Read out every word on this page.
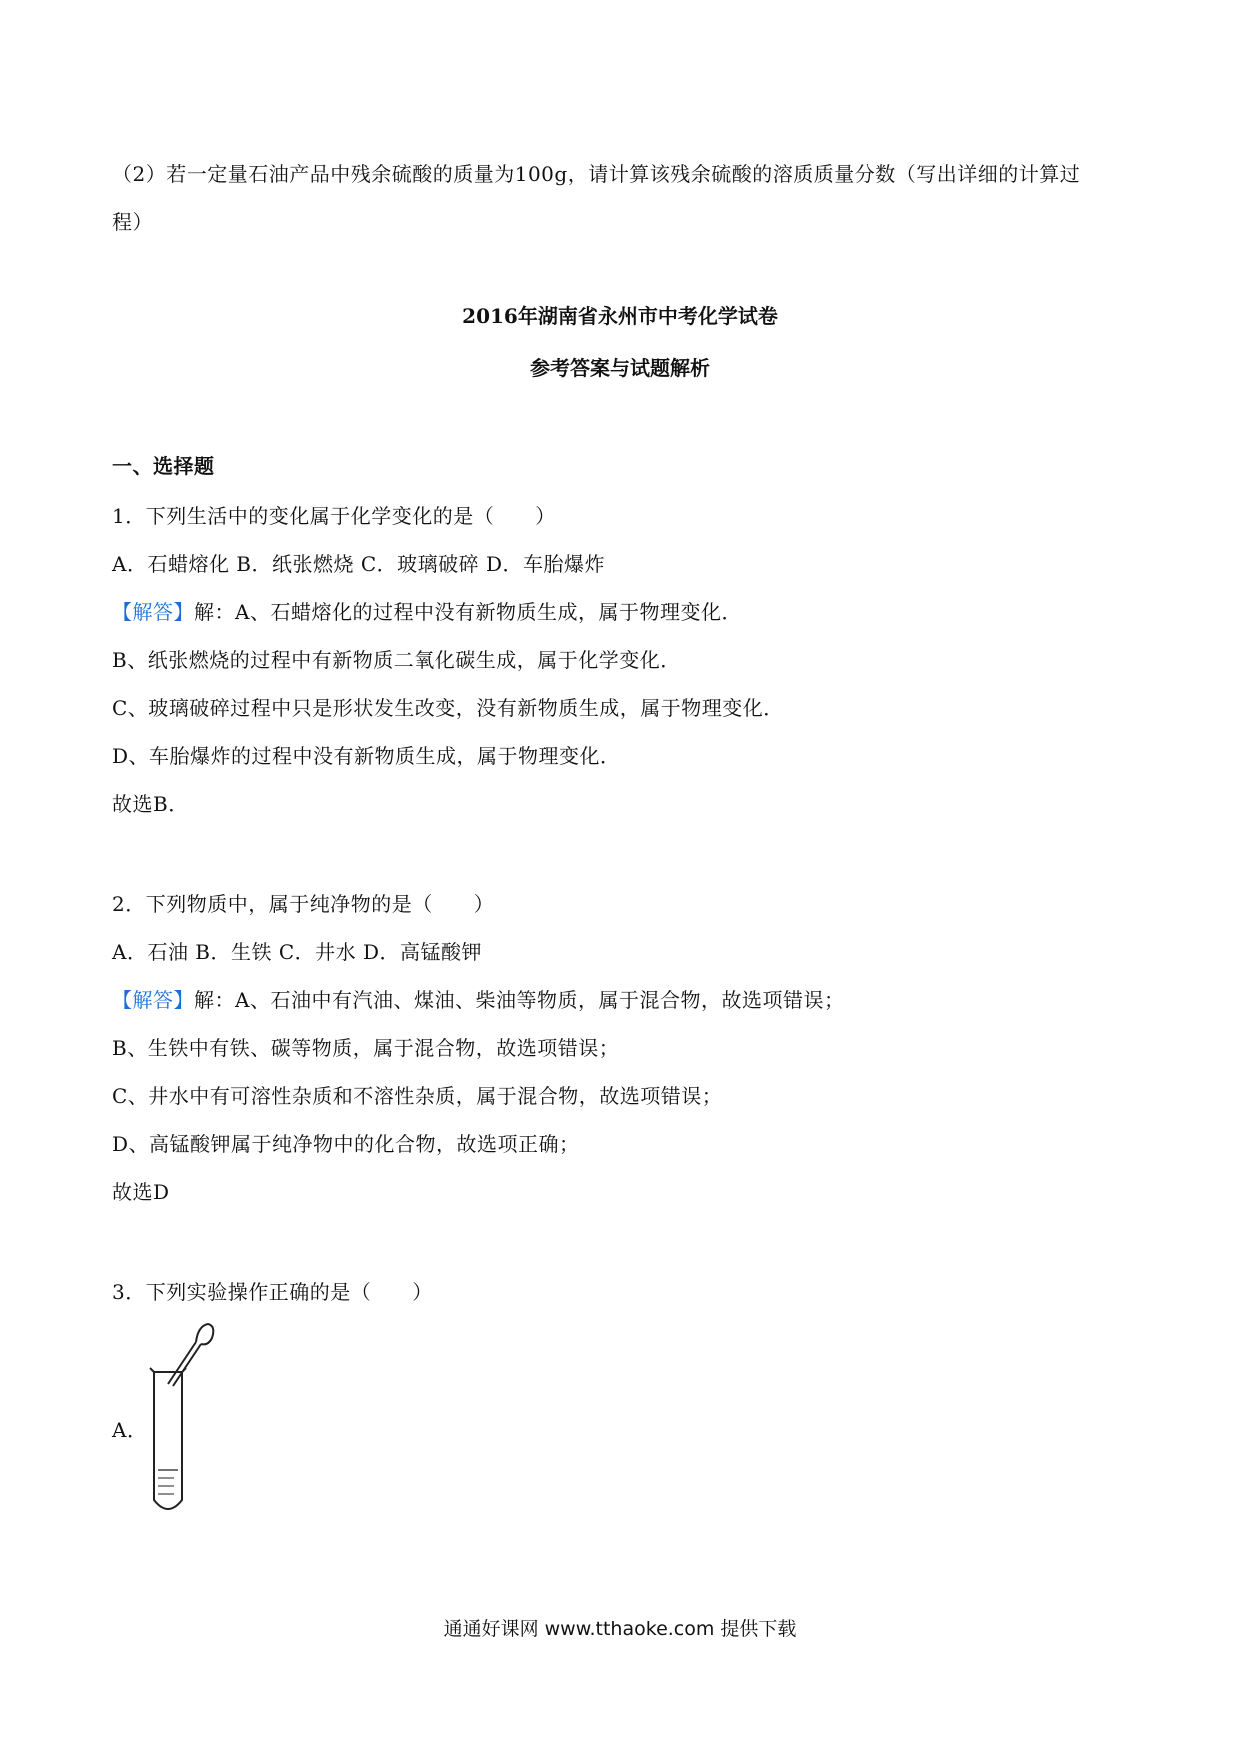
（2）若一定量石油产品中残余硫酸的质量为100g，请计算该残余硫酸的溶质质量分数（写出详细的计算过
程）
2016年湖南省永州市中考化学试卷
参考答案与试题解析
一、选择题
1．下列生活中的变化属于化学变化的是（　　）
A．石蜡熔化 B．纸张燃烧 C．玻璃破碎 D．车胎爆炸
【解答】解：A、石蜡熔化的过程中没有新物质生成，属于物理变化．
B、纸张燃烧的过程中有新物质二氧化碳生成，属于化学变化．
C、玻璃破碎过程中只是形状发生改变，没有新物质生成，属于物理变化．
D、车胎爆炸的过程中没有新物质生成，属于物理变化．
故选B．
2．下列物质中，属于纯净物的是（　　）
A．石油 B．生铁 C．井水 D．高锰酸钾
【解答】解：A、石油中有汽油、煤油、柴油等物质，属于混合物，故选项错误；
B、生铁中有铁、碳等物质，属于混合物，故选项错误；
C、井水中有可溶性杂质和不溶性杂质，属于混合物，故选项错误；
D、高锰酸钾属于纯净物中的化合物，故选项正确；
故选D
3．下列实验操作正确的是（　　）
A．
通通好课网 www.tthaoke.com 提供下载
